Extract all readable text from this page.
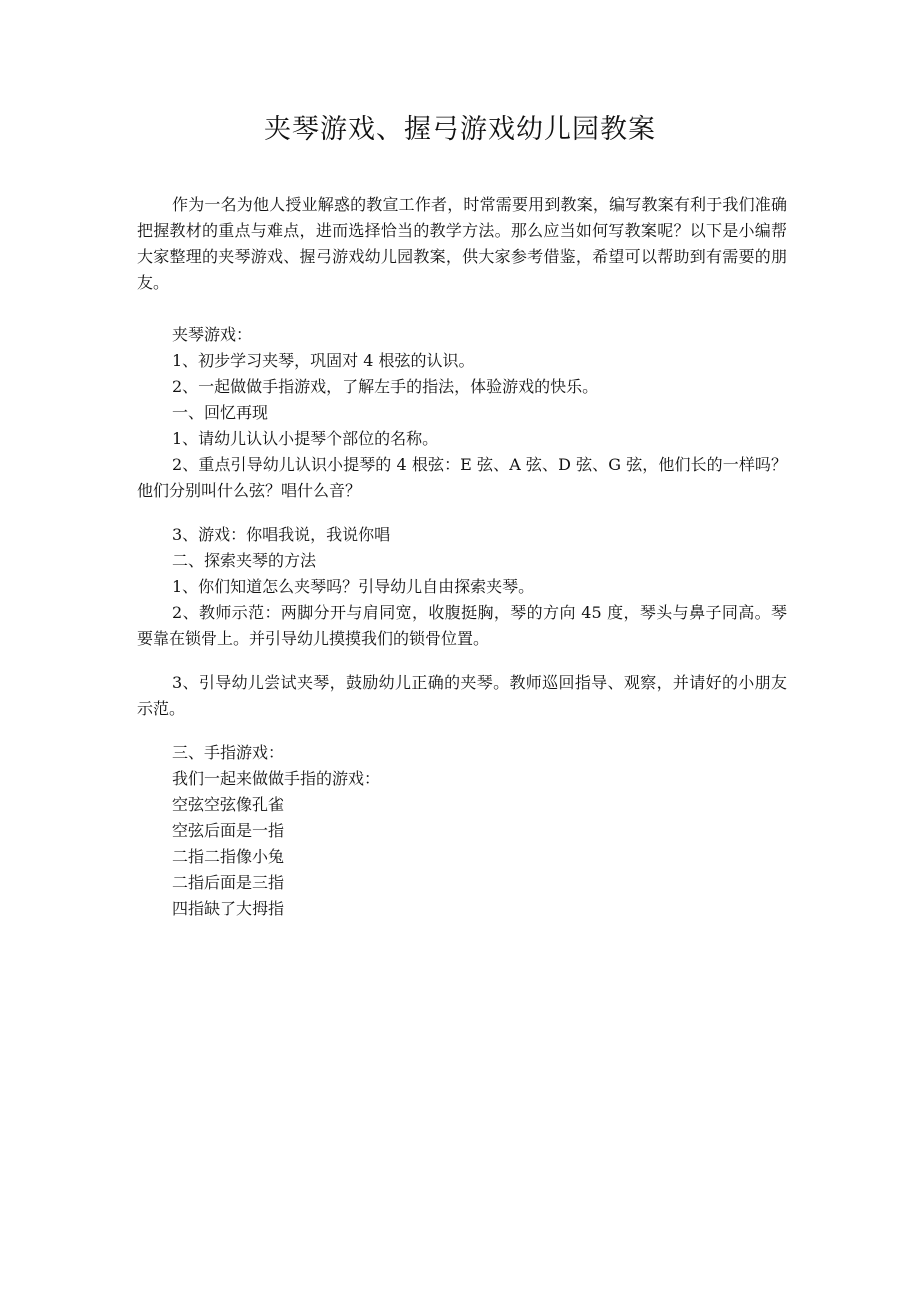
夹琴游戏、握弓游戏幼儿园教案

作为一名为他人授业解惑的教宣工作者，时常需要用到教案，编写教案有利于我们准确把握教材的重点与难点，进而选择恰当的教学方法。那么应当如何写教案呢？以下是小编帮大家整理的夹琴游戏、握弓游戏幼儿园教案，供大家参考借鉴，希望可以帮助到有需要的朋友。

夹琴游戏：

1、初步学习夹琴，巩固对 4 根弦的认识。

2、一起做做手指游戏，了解左手的指法，体验游戏的快乐。

一、回忆再现

1、请幼儿认认小提琴个部位的名称。

2、重点引导幼儿认识小提琴的 4 根弦：E 弦、A 弦、D 弦、G 弦，他们长的一样吗？他们分别叫什么弦？唱什么音？

3、游戏：你唱我说，我说你唱

二、探索夹琴的方法

1、你们知道怎么夹琴吗？引导幼儿自由探索夹琴。

2、教师示范：两脚分开与肩同宽，收腹挺胸，琴的方向 45 度，琴头与鼻子同高。琴要靠在锁骨上。并引导幼儿摸摸我们的锁骨位置。

3、引导幼儿尝试夹琴，鼓励幼儿正确的夹琴。教师巡回指导、观察，并请好的小朋友示范。

三、手指游戏：

我们一起来做做手指的游戏：

空弦空弦像孔雀

空弦后面是一指

二指二指像小兔

二指后面是三指

四指缺了大拇指
